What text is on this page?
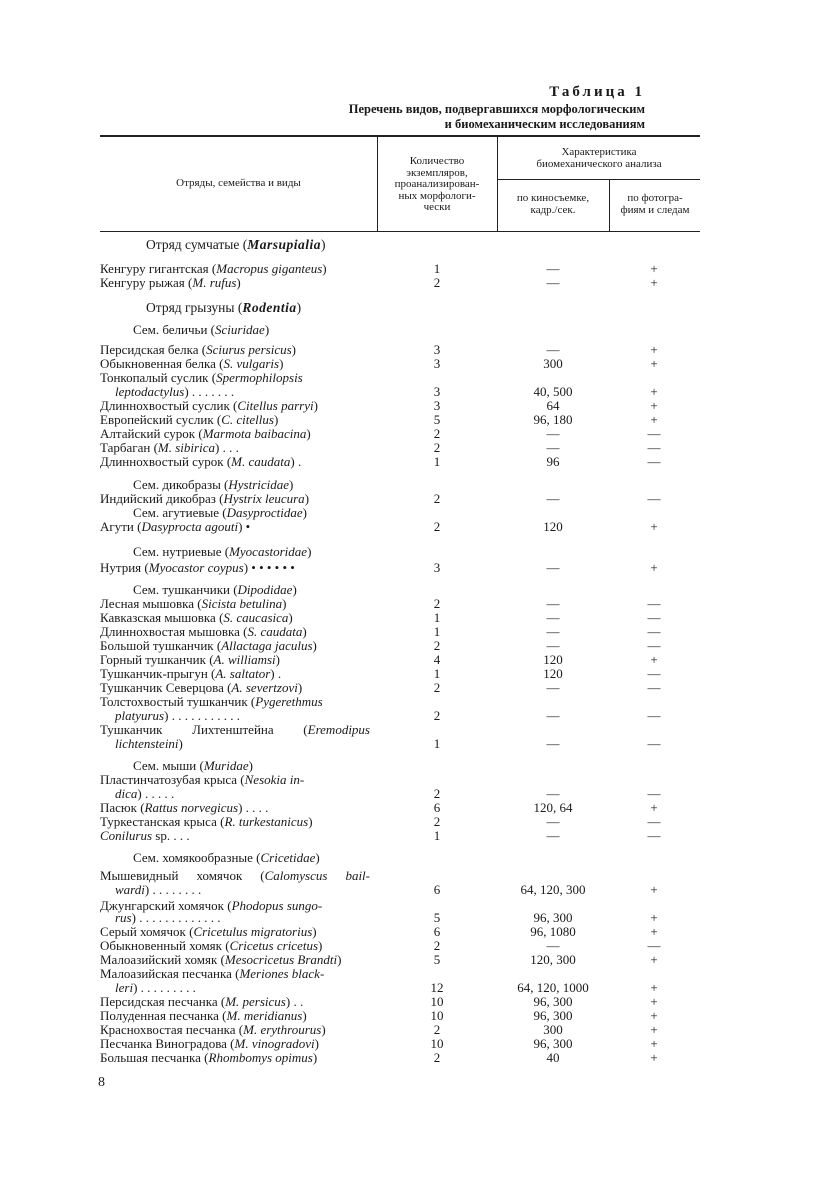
Таблица 1
Перечень видов, подвергавшихся морфологическим
и биомеханическим исследованиям
Отряды, семейства и виды
Количество
экземпляров,
проанализирован-
ных морфологи-
чески
Характеристика
биомеханического анализа
по киносъемке,
кадр./сек.
по фотогра-
фиям и следам
Отряд сумчатые (Marsupialia)
Кенгуру гигантская (Macropus giganteus)	1	—	+
Кенгуру рыжая (M. rufus)	2	—	+
Отряд грызуны (Rodentia)
Сем. беличьи (Sciuridae)
Персидская белка (Sciurus persicus)	3	—	+
Обыкновенная белка (S. vulgaris)	3	300	+
Тонкопалый суслик (Spermophilopsis
leptodactylus) . . . . . . .	3	40, 500	+
Длиннохвостый суслик (Citellus parryi)	3	64	+
Европейский суслик (C. citellus)	5	96, 180	+
Алтайский сурок (Marmota baibacina)	2	—	—
Тарбаган (M. sibirica) . . .	2	—	—
Длиннохвостый сурок (M. caudata) .	1	96	—
Сем. дикобразы (Hystricidae)
Индийский дикобраз (Hystrix leucura)	2	—	—
Сем. агутиевые (Dasyproctidae)
Агути (Dasyprocta agouti) •	2	120	+
Сем. нутриевые (Myocastoridae)
Нутрия (Myocastor coypus) • • • • • •	3	—	+
Сем. тушканчики (Dipodidae)
Лесная мышовка (Sicista betulina)	2	—	—
Кавказская мышовка (S. caucasica)	1	—	—
Длиннохвостая мышовка (S. caudata)	1	—	—
Большой тушканчик (Allactaga jaculus)	2	—	—
Горный тушканчик (A. williamsi)	4	120	+
Тушканчик-прыгун (A. saltator) .	1	120	—
Тушканчик Северцова (A. severtzovi)	2	—	—
Толстохвостый тушканчик (Pygerethmus
platyurus) . . . . . . . . . . .	2	—	—
Тушканчик Лихтенштейна (Eremodipus
lichtensteini)	1	—	—
Сем. мыши (Muridae)
Пластинчатозубая крыса (Nesokia in-
dica) . . . . .	2	—	—
Пасюк (Rattus norvegicus) . . . .	6	120, 64	+
Туркестанская крыса (R. turkestanicus)	2	—	—
Conilurus sp. . . .	1	—	—
Сем. хомякообразные (Cricetidae)
Мышевидный хомячок (Calomyscus bail-
wardi) . . . . . . . .	6	64, 120, 300	+
Джунгарский хомячок (Phodopus sungo-
rus) . . . . . . . . . . . . .	5	96, 300	+
Серый хомячок (Cricetulus migratorius)	6	96, 1080	+
Обыкновенный хомяк (Cricetus cricetus)	2	—	—
Малоазийский хомяк (Mesocricetus Brandti)	5	120, 300	+
Малоазийская песчанка (Meriones black-
leri) . . . . . . . . .	12	64, 120, 1000	+
Персидская песчанка (M. persicus) . .	10	96, 300	+
Полуденная песчанка (M. meridianus)	10	96, 300	+
Краснохвостая песчанка (M. erythrourus)	2	300	+
Песчанка Виноградова (M. vinogradovi)	10	96, 300	+
Большая песчанка (Rhombomys opimus)	2	40	+
8
